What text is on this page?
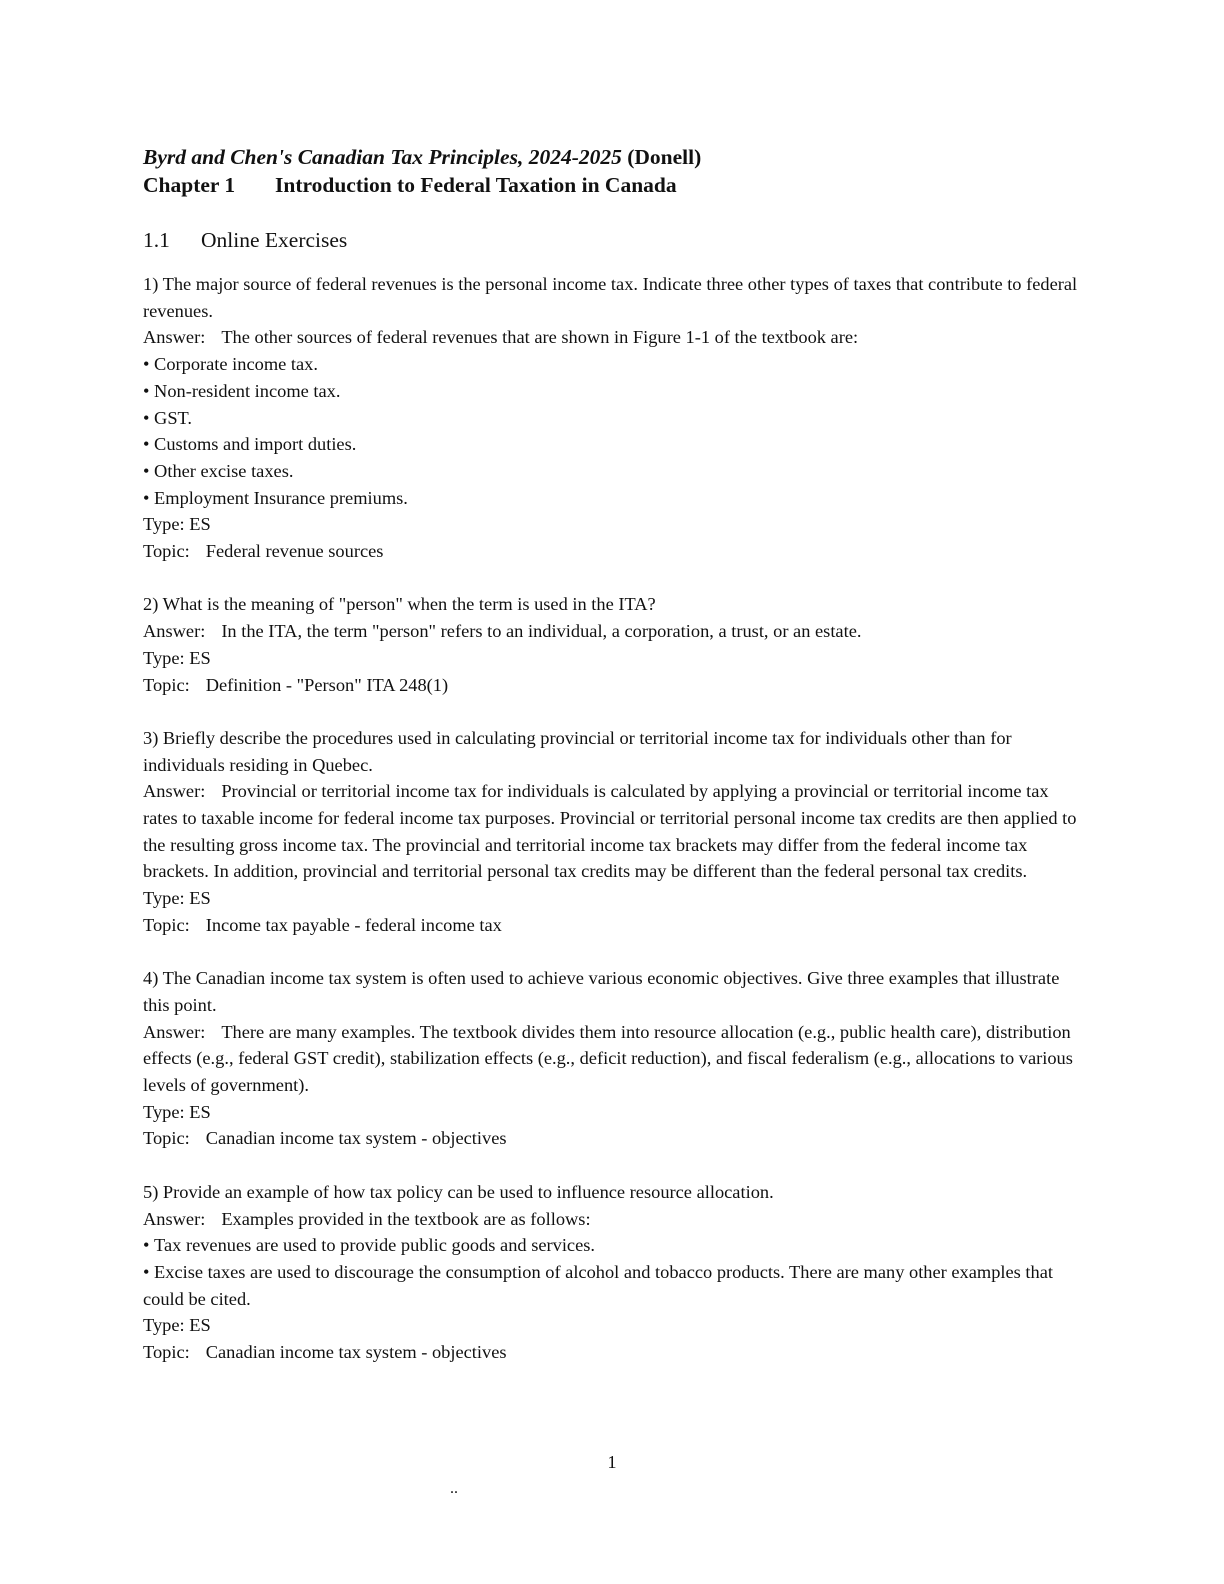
Byrd and Chen's Canadian Tax Principles, 2024-2025 (Donell)
Chapter 1 Introduction to Federal Taxation in Canada
1.1 Online Exercises

1) The major source of federal revenues is the personal income tax. Indicate three other types of taxes that contribute to federal revenues.

Answer: The other sources of federal revenues that are shown in Figure 1-1 of the textbook are:

• Corporate income tax.

• Non-resident income tax.

• GST.

• Customs and import duties.

• Other excise taxes.

• Employment Insurance premiums.

Type: ES

Topic: Federal revenue sources

2) What is the meaning of "person" when the term is used in the ITA?

Answer: In the ITA, the term "person" refers to an individual, a corporation, a trust, or an estate.

Type: ES

Topic: Definition - "Person" ITA 248(1)

3) Briefly describe the procedures used in calculating provincial or territorial income tax for individuals other than for individuals residing in Quebec.

Answer: Provincial or territorial income tax for individuals is calculated by applying a provincial or territorial income tax rates to taxable income for federal income tax purposes. Provincial or territorial personal income tax credits are then applied to the resulting gross income tax. The provincial and territorial income tax brackets may differ from the federal income tax brackets. In addition, provincial and territorial personal tax credits may be different than the federal personal tax credits.

Type: ES

Topic: Income tax payable - federal income tax

4) The Canadian income tax system is often used to achieve various economic objectives. Give three examples that illustrate this point.

Answer: There are many examples. The textbook divides them into resource allocation (e.g., public health care), distribution effects (e.g., federal GST credit), stabilization effects (e.g., deficit reduction), and fiscal federalism (e.g., allocations to various levels of government).

Type: ES

Topic: Canadian income tax system - objectives

5) Provide an example of how tax policy can be used to influence resource allocation.

Answer: Examples provided in the textbook are as follows:

• Tax revenues are used to provide public goods and services.

• Excise taxes are used to discourage the consumption of alcohol and tobacco products. There are many other examples that could be cited.

Type: ES

Topic: Canadian income tax system - objectives

1
..
